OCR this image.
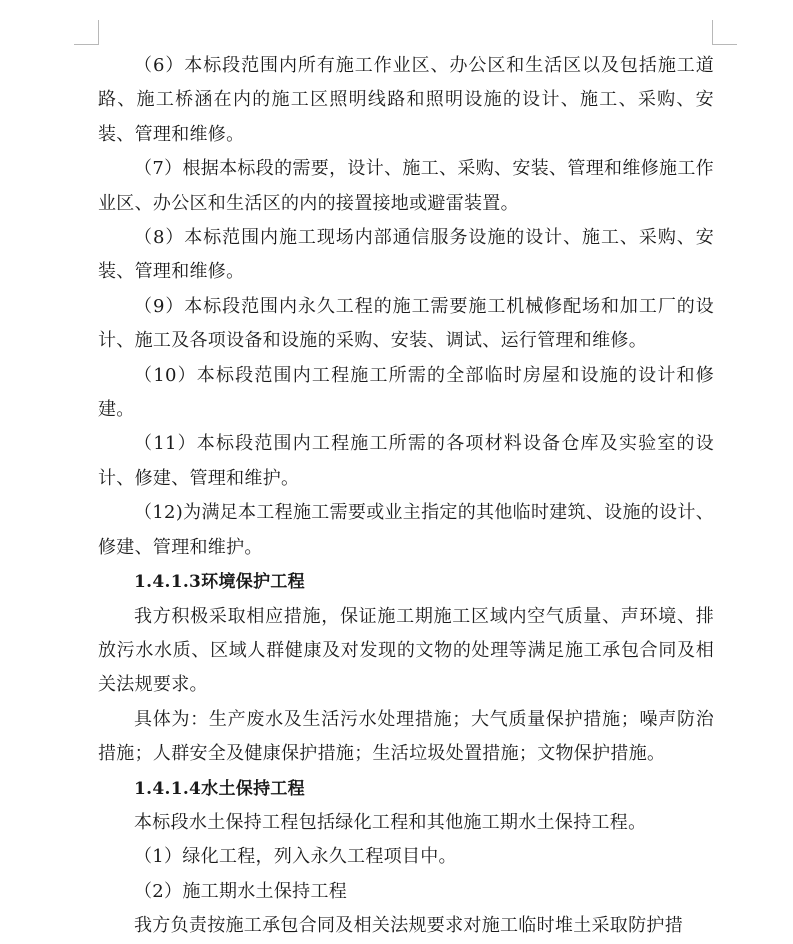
（6）本标段范围内所有施工作业区、办公区和生活区以及包括施工道路、施工桥涵在内的施工区照明线路和照明设施的设计、施工、采购、安装、管理和维修。

（7）根据本标段的需要，设计、施工、采购、安装、管理和维修施工作业区、办公区和生活区的内的接置接地或避雷装置。

（8）本标范围内施工现场内部通信服务设施的设计、施工、采购、安装、管理和维修。

（9）本标段范围内永久工程的施工需要施工机械修配场和加工厂的设计、施工及各项设备和设施的采购、安装、调试、运行管理和维修。

（10）本标段范围内工程施工所需的全部临时房屋和设施的设计和修建。

（11）本标段范围内工程施工所需的各项材料设备仓库及实验室的设计、修建、管理和维护。

（12)为满足本工程施工需要或业主指定的其他临时建筑、设施的设计、修建、管理和维护。

1.4.1.3环境保护工程

我方积极采取相应措施，保证施工期施工区域内空气质量、声环境、排放污水水质、区域人群健康及对发现的文物的处理等满足施工承包合同及相关法规要求。

具体为：生产废水及生活污水处理措施；大气质量保护措施；噪声防治措施；人群安全及健康保护措施；生活垃圾处置措施；文物保护措施。

1.4.1.4水土保持工程

本标段水土保持工程包括绿化工程和其他施工期水土保持工程。

（1）绿化工程，列入永久工程项目中。

（2）施工期水土保持工程

我方负责按施工承包合同及相关法规要求对施工临时堆土采取防护措
